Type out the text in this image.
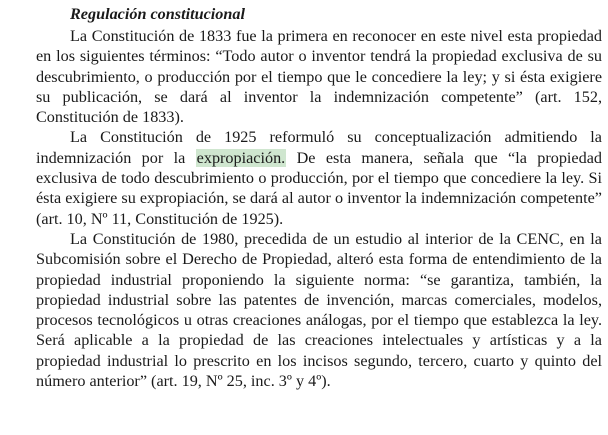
Regulación constitucional

La Constitución de 1833 fue la primera en reconocer en este nivel esta propiedad en los siguientes términos: “Todo autor o inventor tendrá la propiedad exclusiva de su descubrimiento, o producción por el tiempo que le concediere la ley; y si ésta exigiere su publicación, se dará al inventor la indemnización competente” (art. 152, Constitución de 1833).

La Constitución de 1925 reformuló su conceptualización admitiendo la indemnización por la expropiación. De esta manera, señala que “la propiedad exclusiva de todo descubrimiento o producción, por el tiempo que concediere la ley. Si ésta exigiere su expropiación, se dará al autor o inventor la indemnización competente” (art. 10, Nº 11, Constitución de 1925).

La Constitución de 1980, precedida de un estudio al interior de la CENC, en la Subcomisión sobre el Derecho de Propiedad, alteró esta forma de entendimiento de la propiedad industrial proponiendo la siguiente norma: “se garantiza, también, la propiedad industrial sobre las patentes de invención, marcas comerciales, modelos, procesos tecnológicos u otras creaciones análogas, por el tiempo que establezca la ley. Será aplicable a la propiedad de las creaciones intelectuales y artísticas y a la propiedad industrial lo prescrito en los incisos segundo, tercero, cuarto y quinto del número anterior” (art. 19, Nº 25, inc. 3º y 4º).
